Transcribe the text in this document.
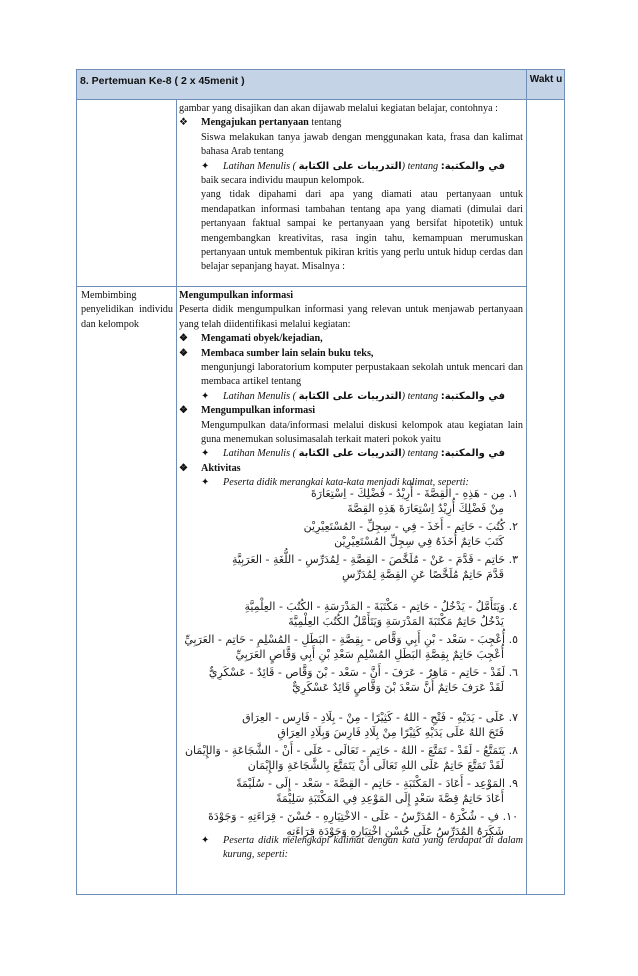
8. Pertemuan Ke-8 ( 2 x 45menit )	Wakt u
gambar yang disajikan dan akan dijawab melalui kegiatan belajar, contohnya :
❖ Mengajukan pertanyaan tentang
Siswa melakukan tanya jawab dengan menggunakan kata, frasa dan kalimat bahasa Arab tentang
✦ Latihan Menulis ( التدريبات على الكتابة) tentang في والمكتبة:
baik secara individu maupun kelompok.
yang tidak dipahami dari apa yang diamati atau pertanyaan untuk mendapatkan informasi tambahan tentang apa yang diamati (dimulai dari pertanyaan faktual sampai ke pertanyaan yang bersifat hipotetik) untuk mengembangkan kreativitas, rasa ingin tahu, kemampuan merumuskan pertanyaan untuk membentuk pikiran kritis yang perlu untuk hidup cerdas dan belajar sepanjang hayat. Misalnya :
Membimbing penyelidikan individu dan kelompok
Mengumpulkan informasi
Peserta didik mengumpulkan informasi yang relevan untuk menjawab pertanyaan yang telah diidentifikasi melalui kegiatan:
❖ Mengamati obyek/kejadian,
❖ Membaca sumber lain selain buku teks,
mengunjungi laboratorium komputer perpustakaan sekolah untuk mencari dan membaca artikel tentang
✦ Latihan Menulis ( التدريبات على الكتابة) tentang في والمكتبة:
❖ Mengumpulkan informasi
Mengumpulkan data/informasi melalui diskusi kelompok atau kegiatan lain guna menemukan solusimasalah terkait materi pokok yaitu
✦ Latihan Menulis ( التدريبات على الكتابة) tentang في والمكتبة:
❖ Aktivitas
✦ Peserta didik merangkai kata-kata menjadi kalimat, seperti:
✦ Peserta didik melengkapi kalimat dengan kata yang terdapat di dalam kurung, seperti:
١. مِن - هَذِهِ - القِصَّةَ - أُرِيْدُ - فَضْلِكَ - اِسْتِعَارَةَ
مِنْ فَضْلِكَ أُرِيْدُ اِسْتِعَارَةَ هَذِهِ القِصَّةَ
٢. كُتُبَ - حَاتِم - أَخَذَ - فِي - سِجِلِّ - المُسْتَعِيْرِيْن
كَتَبَ حَاتِمٌ أَخَذَهُ فِي سِجِلِّ المُسْتَعِيْرِيْن
٣. حَاتِم - قَدَّمَ - عَنْ - مُلَخَّصَ - القِصَّةِ - لِمُدَرِّسِ - اللُّغَةِ - العَرَبِيَّةِ
قَدَّمَ حَاتِمٌ مُلَخَّصًا عَنِ القِصَّةِ لِمُدَرِّسِ
٤. وَيَتَأَمَّلُ - يَدْخُلُ - حَاتِم - مَكْتَبَةَ - المَدْرَسَةِ - الكُتُبَ - العِلْمِيَّةِ
يَدْخُلُ حَاتِمٌ مَكْتَبَةَ المَدْرَسَةِ وَيَتَأَمَّلُ الكُتُبَ العِلْمِيَّةَ
٥. أُعْجِبَ - سَعْد - بْنِ أَبِي وَقَّاص - بِقِصَّةِ - البَطَلِ - المُسْلِمِ - حَاتِم - العَرَبِيِّ
أُعْجِبَ حَاتِمٌ بِقِصَّةِ البَطَلِ المُسْلِمِ سَعْدِ بْنِ أَبِي وَقَّاصٍ العَرَبِيِّ
٦. لَقَدْ - حَاتِم - مَاهِرٌ - عَرَفَ - أَنَّ - سَعْد - بْنَ وَقَّاص - قَائِدٌ - عَسْكَرِيٌّ
لَقَدْ عَرَفَ حَاتِمٌ أَنَّ سَعْدَ بْنَ وَقَّاصٍ قَائِدٌ عَسْكَرِيٌّ
٧. عَلَى - يَدَيْهِ - فَتْحِ - اللهُ - كَثِيْرًا - مِنْ - بِلَادِ - فَارِس - العِرَاق
فَتَحَ اللهُ عَلَى يَدَيْهِ كَثِيْرًا مِنْ بِلَادِ فَارِسَ وَبِلَادِ العِرَاقِ
٨. يَتَمَتَّعُ - لَقَدْ - تَمَتَّعَ - اللهُ - حَاتِم - تَعَالَى - عَلَى - أَنْ - الشَّجَاعَةِ - وَالإِيْمَان
لَقَدْ تَمَتَّعَ حَاتِمٌ عَلَى اللهِ تَعَالَى أَنْ يَتَمَتَّعَ بِالشَّجَاعَةِ وَالإِيْمَان
٩. المَوْعِد - أَعَادَ - المَكْتَبَةِ - حَاتِم - القِصَّةَ - سَعْد - إِلَى - سُلَيْمَةً
أَعَادَ حَاتِمٌ قِصَّةَ سَعْدٍ إِلَى المَوْعِدِ فِي المَكْتَبَةِ سَلِيْمَةً
١٠. فِ - شُكْرَهُ - المُدَرِّسُ - عَلَى - الاخْتِيَارِهِ - حُسْنَ - قِرَاءَتِهِ - وَجَوْدَةَ
شَكَرَهُ المُدَرِّسُ عَلَى حُسْنِ اخْتِيَارِهِ وَجَوْدَةِ قِرَاءَتِهِ
